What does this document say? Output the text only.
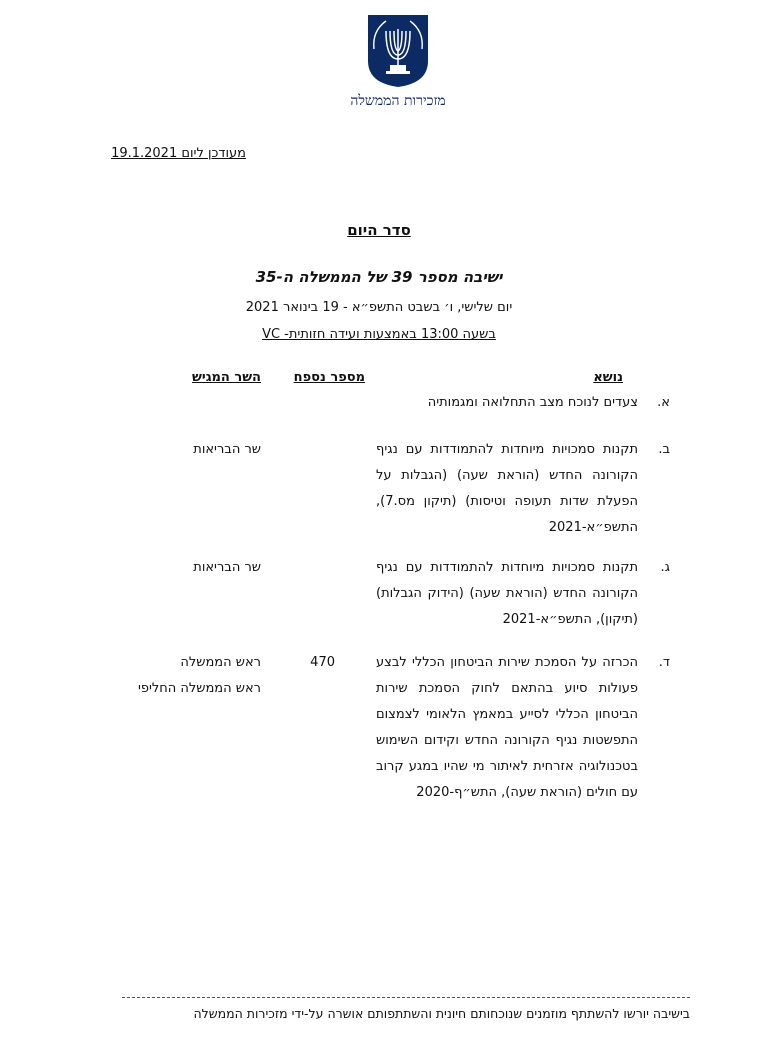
מזכירות הממשלה
מעודכן ליום 19.1.2021
סדר היום
ישיבה מספר 39 של הממשלה ה-35
יום שלישי, ו׳ בשבט התשפ״א - 19 בינואר 2021
בשעה 13:00 באמצעות ועידה חזותית- VC
נושא
מספר נספח
השר המגיש
א.
צעדים לנוכח מצב התחלואה ומגמותיה
ב.
תקנות סמכויות מיוחדות להתמודדות עם נגיף הקורונה החדש (הוראת שעה) (הגבלות על הפעלת שדות תעופה וטיסות) (תיקון מס.7), התשפ״א-2021
שר הבריאות
ג.
תקנות סמכויות מיוחדות להתמודדות עם נגיף הקורונה החדש (הוראת שעה) (הידוק הגבלות) (תיקון), התשפ״א-2021
שר הבריאות
ד.
הכרזה על הסמכת שירות הביטחון הכללי לבצע פעולות סיוע בהתאם לחוק הסמכת שירות הביטחון הכללי לסייע במאמץ הלאומי לצמצום התפשטות נגיף הקורונה החדש וקידום השימוש בטכנולוגיה אזרחית לאיתור מי שהיו במגע קרוב עם חולים (הוראת שעה), התש״ף-2020
470
ראש הממשלה
ראש הממשלה החליפי
בישיבה יורשו להשתתף מוזמנים שנוכחותם חיונית והשתתפותם אושרה על-ידי מזכירות הממשלה
